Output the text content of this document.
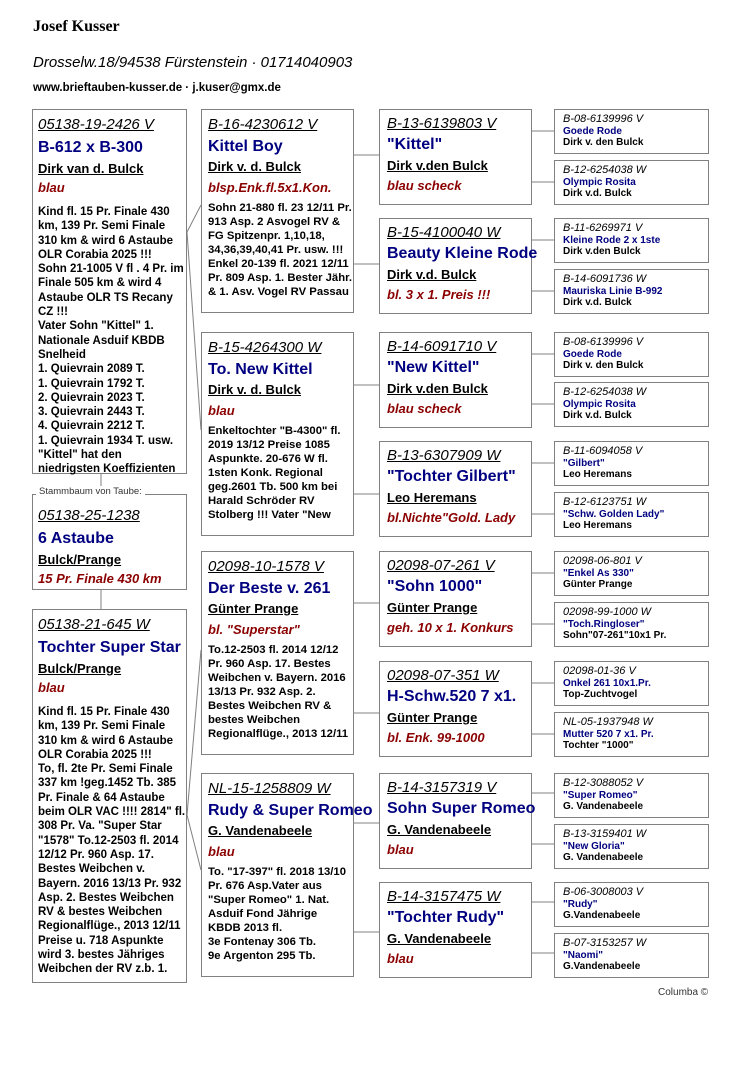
Josef Kusser
Drosselw.18/94538 Fürstenstein · 01714040903
www.brieftauben-kusser.de · j.kuser@gmx.de
05138-19-2426 V
B-612 x B-300
Dirk van d. Bulck
blau
Kind fl. 15 Pr. Finale 430
km, 139 Pr. Semi Finale
310 km & wird 6 Astaube
OLR Corabia 2025 !!!
Sohn 21-1005 V fl . 4 Pr. im
Finale 505 km & wird 4
Astaube OLR TS Recany
CZ !!!
Vater Sohn "Kittel" 1.
Nationale Asduif KBDB
Snelheid
1. Quievrain 2089 T.
1. Quievrain 1792 T.
2. Quievrain 2023 T.
3. Quievrain 2443 T.
4. Quievrain 2212 T.
1. Quievrain 1934 T. usw.
"Kittel" hat den
niedrigsten Koeffizienten
05138-25-1238
6 Astaube
Bulck/Prange
15 Pr. Finale 430 km
Stammbaum von Taube:
05138-21-645 W
Tochter Super Star
Bulck/Prange
blau
Kind fl. 15 Pr. Finale 430
km, 139 Pr. Semi Finale
310 km & wird 6 Astaube
OLR Corabia 2025 !!!
To, fl. 2te Pr. Semi Finale
337 km !geg.1452 Tb. 385
Pr. Finale & 64 Astaube
beim OLR VAC !!!! 2814" fl.
308 Pr. Va. "Super Star
"1578" To.12-2503 fl. 2014
12/12 Pr. 960 Asp. 17.
Bestes Weibchen v.
Bayern. 2016 13/13 Pr. 932
Asp. 2. Bestes Weibchen
RV & bestes Weibchen
Regionalflüge., 2013 12/11
Preise u. 718 Aspunkte
wird 3. bestes Jähriges
Weibchen der RV z.b. 1.
B-16-4230612 V
Kittel Boy
Dirk v. d. Bulck
blsp.Enk.fl.5x1.Kon.
Sohn 21-880 fl. 23 12/11 Pr.
913 Asp. 2 Asvogel RV &
FG Spitzenpr. 1,10,18,
34,36,39,40,41 Pr. usw. !!!
Enkel 20-139 fl. 2021 12/11
Pr. 809 Asp. 1. Bester Jähr.
& 1. Asv. Vogel RV Passau
B-15-4264300 W
To. New Kittel
Dirk v. d. Bulck
blau
Enkeltochter "B-4300" fl.
2019 13/12 Preise 1085
Aspunkte. 20-676 W fl.
1sten Konk. Regional
geg.2601 Tb. 500 km bei
Harald Schröder RV
Stolberg !!! Vater "New
02098-10-1578 V
Der Beste v. 261
Günter Prange
bl. "Superstar"
To.12-2503 fl. 2014 12/12
Pr. 960 Asp. 17. Bestes
Weibchen v. Bayern. 2016
13/13 Pr. 932 Asp. 2.
Bestes Weibchen RV &
bestes Weibchen
Regionalflüge., 2013 12/11
NL-15-1258809 W
Rudy & Super Romeo
G. Vandenabeele
blau
To. "17-397" fl. 2018 13/10
Pr. 676 Asp.Vater aus
"Super Romeo" 1. Nat.
Asduif Fond Jährige
KBDB 2013 fl.
3e Fontenay 306 Tb.
9e Argenton 295 Tb.
B-13-6139803 V
"Kittel"
Dirk v.den Bulck
blau scheck
B-15-4100040 W
Beauty Kleine Rode
Dirk v.d. Bulck
bl. 3 x 1. Preis !!!
B-14-6091710 V
"New Kittel"
Dirk v.den Bulck
blau scheck
B-13-6307909 W
"Tochter Gilbert"
Leo Heremans
bl.Nichte"Gold. Lady
02098-07-261 V
"Sohn 1000"
Günter Prange
geh. 10 x 1. Konkurs
02098-07-351 W
H-Schw.520 7 x1.
Günter Prange
bl. Enk. 99-1000
B-14-3157319 V
Sohn Super Romeo
G. Vandenabeele
blau
B-14-3157475 W
"Tochter Rudy"
G. Vandenabeele
blau
B-08-6139996 V
Goede Rode
Dirk v. den Bulck
B-12-6254038 W
Olympic Rosita
Dirk v.d. Bulck
B-11-6269971 V
Kleine Rode 2 x 1ste
Dirk v.den Bulck
B-14-6091736 W
Mauriska Linie B-992
Dirk v.d. Bulck
B-08-6139996 V
Goede Rode
Dirk v. den Bulck
B-12-6254038 W
Olympic Rosita
Dirk v.d. Bulck
B-11-6094058 V
"Gilbert"
Leo Heremans
B-12-6123751 W
"Schw. Golden Lady"
Leo Heremans
02098-06-801 V
"Enkel As 330"
Günter Prange
02098-99-1000 W
"Toch.Ringloser"
Sohn"07-261"10x1 Pr.
02098-01-36 V
Onkel 261 10x1.Pr.
Top-Zuchtvogel
NL-05-1937948 W
Mutter 520 7 x1. Pr.
Tochter "1000"
B-12-3088052 V
"Super Romeo"
G. Vandenabeele
B-13-3159401 W
"New Gloria"
G. Vandenabeele
B-06-3008003 V
"Rudy"
G.Vandenabeele
B-07-3153257 W
"Naomi"
G.Vandenabeele
Columba ©
